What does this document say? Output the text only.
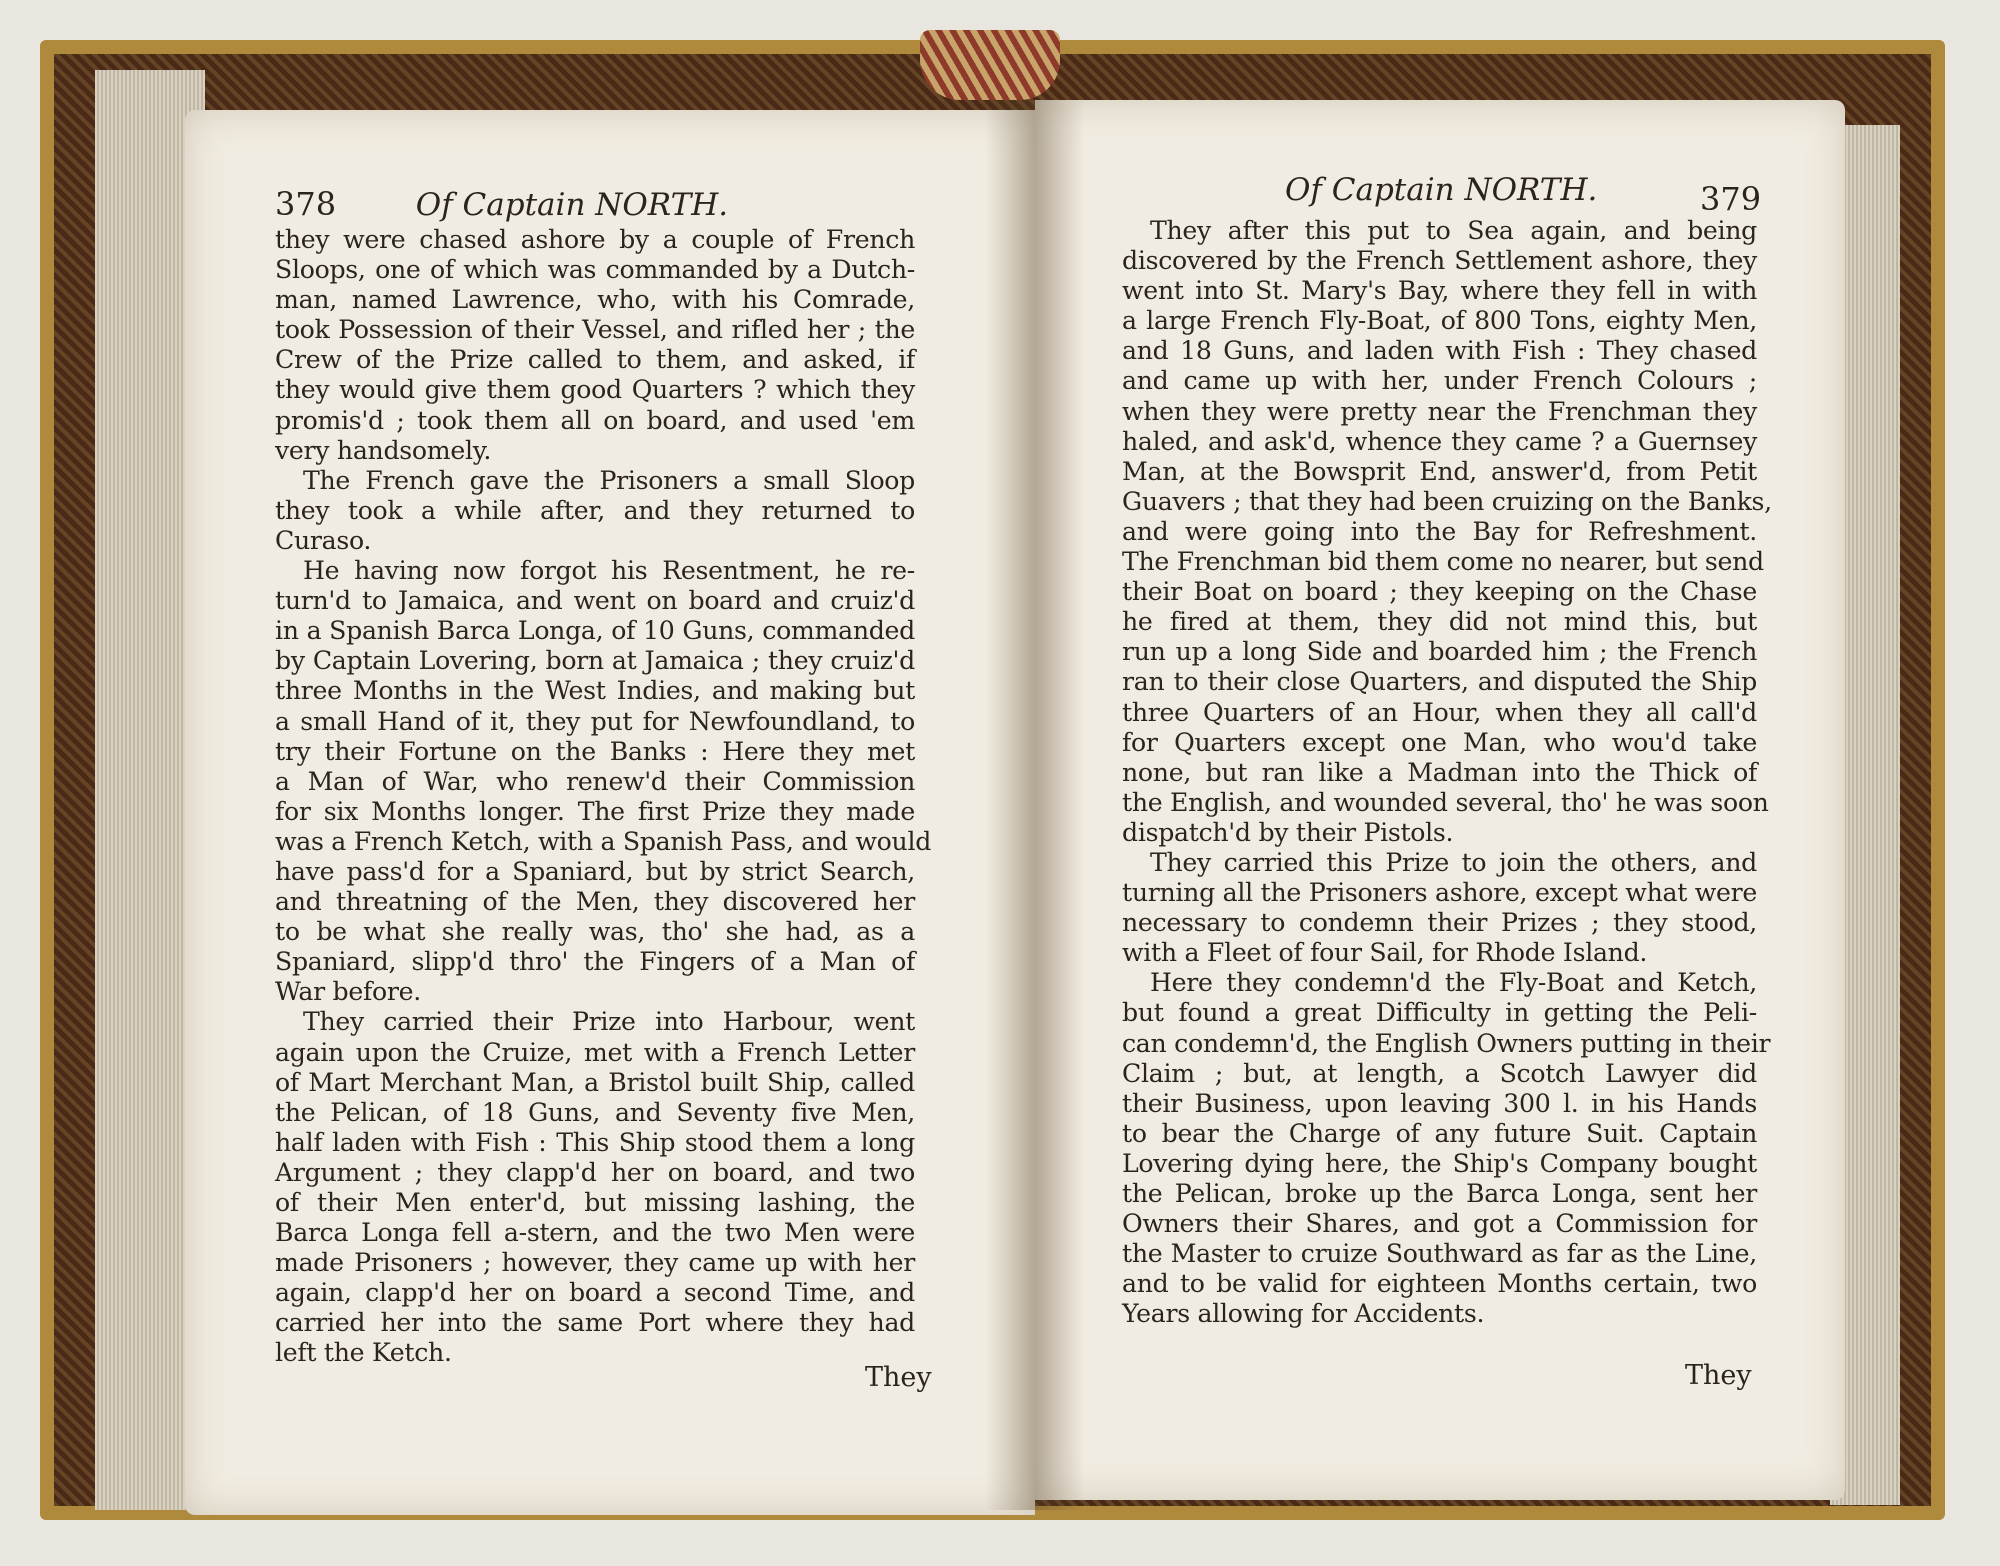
378	Of Captain NORTH.

they were chased ashore by a couple of French
Sloops, one of which was commanded by a Dutch-
man, named Lawrence, who, with his Comrade,
took Possession of their Vessel, and rifled her ; the
Crew of the Prize called to them, and asked, if
they would give them good Quarters ? which they
promis'd ; took them all on board, and used 'em
very handsomely.

The French gave the Prisoners a small Sloop
they took a while after, and they returned to
Curaso.

He having now forgot his Resentment, he re-
turn'd to Jamaica, and went on board and cruiz'd
in a Spanish Barca Longa, of 10 Guns, commanded
by Captain Lovering, born at Jamaica ; they cruiz'd
three Months in the West Indies, and making but
a small Hand of it, they put for Newfoundland, to
try their Fortune on the Banks : Here they met
a Man of War, who renew'd their Commission
for six Months longer. The first Prize they made
was a French Ketch, with a Spanish Pass, and would
have pass'd for a Spaniard, but by strict Search,
and threatning of the Men, they discovered her
to be what she really was, tho' she had, as a
Spaniard, slipp'd thro' the Fingers of a Man of
War before.

They carried their Prize into Harbour, went
again upon the Cruize, met with a French Letter
of Mart Merchant Man, a Bristol built Ship, called
the Pelican, of 18 Guns, and Seventy five Men,
half laden with Fish : This Ship stood them a long
Argument ; they clapp'd her on board, and two
of their Men enter'd, but missing lashing, the
Barca Longa fell a-stern, and the two Men were
made Prisoners ; however, they came up with her
again, clapp'd her on board a second Time, and
carried her into the same Port where they had
left the Ketch.

They
Of Captain NORTH.	379

They after this put to Sea again, and being
discovered by the French Settlement ashore, they
went into St. Mary's Bay, where they fell in with
a large French Fly-Boat, of 800 Tons, eighty Men,
and 18 Guns, and laden with Fish : They chased
and came up with her, under French Colours ;
when they were pretty near the Frenchman they
haled, and ask'd, whence they came ? a Guernsey
Man, at the Bowsprit End, answer'd, from Petit
Guavers ; that they had been cruizing on the Banks,
and were going into the Bay for Refreshment.
The Frenchman bid them come no nearer, but send
their Boat on board ; they keeping on the Chase
he fired at them, they did not mind this, but
run up a long Side and boarded him ; the French
ran to their close Quarters, and disputed the Ship
three Quarters of an Hour, when they all call'd
for Quarters except one Man, who wou'd take
none, but ran like a Madman into the Thick of
the English, and wounded several, tho' he was soon
dispatch'd by their Pistols.

They carried this Prize to join the others, and
turning all the Prisoners ashore, except what were
necessary to condemn their Prizes ; they stood,
with a Fleet of four Sail, for Rhode Island.

Here they condemn'd the Fly-Boat and Ketch,
but found a great Difficulty in getting the Peli-
can condemn'd, the English Owners putting in their
Claim ; but, at length, a Scotch Lawyer did
their Business, upon leaving 300 l. in his Hands
to bear the Charge of any future Suit. Captain
Lovering dying here, the Ship's Company bought
the Pelican, broke up the Barca Longa, sent her
Owners their Shares, and got a Commission for
the Master to cruize Southward as far as the Line,
and to be valid for eighteen Months certain, two
Years allowing for Accidents.

They
